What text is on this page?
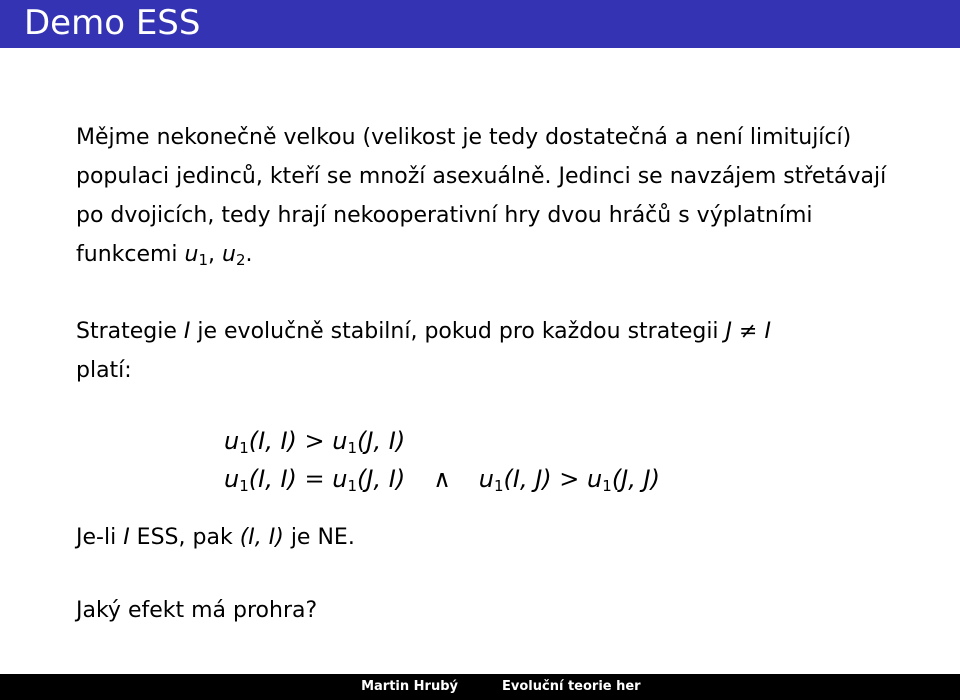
Demo ESS

Mějme nekonečně velkou (velikost je tedy dostatečná a není limitující) populaci jedinců, kteří se množí asexuálně. Jedinci se navzájem střetávají po dvojicích, tedy hrají nekooperativní hry dvou hráčů s výplatními funkcemi $u_1$, $u_2$.

Strategie I je evolučně stabilní, pokud pro každou strategii J ≠ I
platí:

$u_1(I$, $I) > u_1(J$, I)
$u_1(I$, $I) = u_1(J$, I) ∧ $u_1(I$, $J) > u_1(J$, J)

Je-li I ESS, pak (I, I) je NE.

Jaký efekt má prohra?

Martin Hrubý	Evoluční teorie her
